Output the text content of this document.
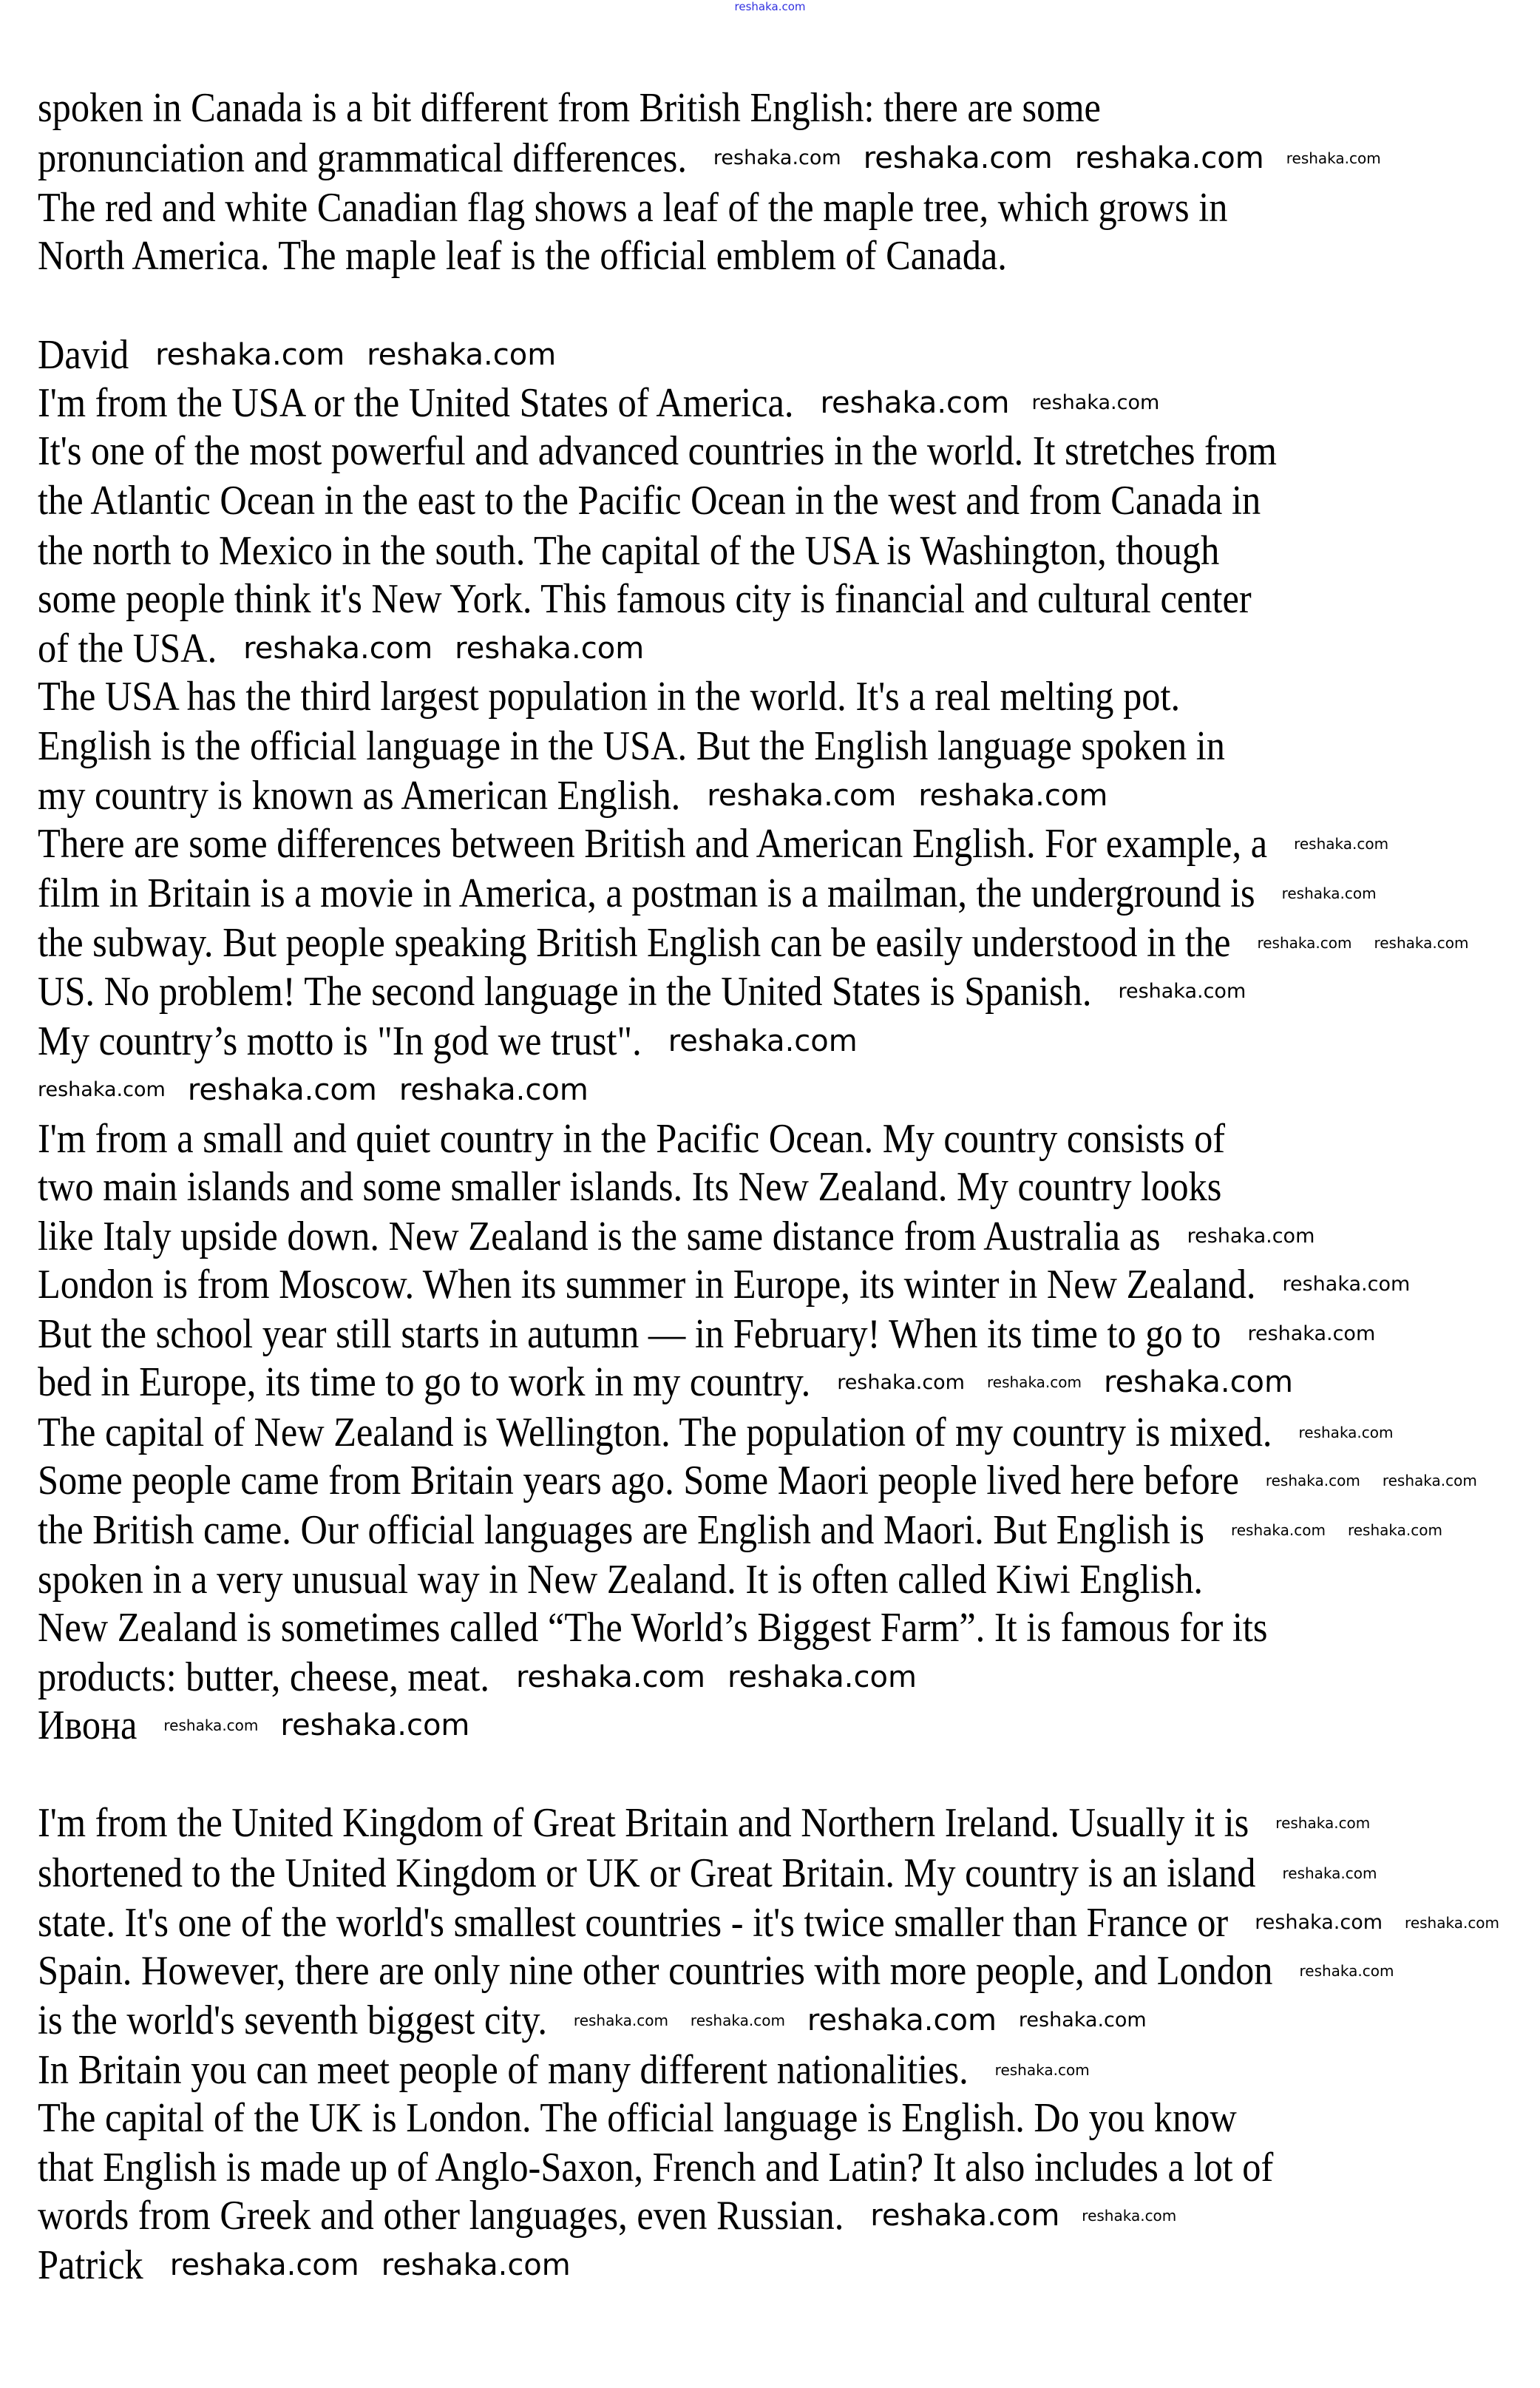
reshaka.com
spoken in Canada is a bit different from British English: there are some
pronunciation and grammatical differences.
The red and white Canadian flag shows a leaf of the maple tree, which grows in
North America. The maple leaf is the official emblem of Canada.
David
I'm from the USA or the United States of America.
It's one of the most powerful and advanced countries in the world. It stretches from
the Atlantic Ocean in the east to the Pacific Ocean in the west and from Canada in
the north to Mexico in the south. The capital of the USA is Washington, though
some people think it's New York. This famous city is financial and cultural center
of the USA.
The USA has the third largest population in the world. It's a real melting pot.
English is the official language in the USA. But the English language spoken in
my country is known as American English.
There are some differences between British and American English. For example, a
film in Britain is a movie in America, a postman is a mailman, the underground is
the subway. But people speaking British English can be easily understood in the
US. No problem! The second language in the United States is Spanish.
My country’s motto is "In god we trust".
I'm from a small and quiet country in the Pacific Ocean. My country consists of
two main islands and some smaller islands. Its New Zealand. My country looks
like Italy upside down. New Zealand is the same distance from Australia as
London is from Moscow. When its summer in Europe, its winter in New Zealand.
But the school year still starts in autumn — in February! When its time to go to
bed in Europe, its time to go to work in my country.
The capital of New Zealand is Wellington. The population of my country is mixed.
Some people came from Britain years ago. Some Maori people lived here before
the British came. Our official languages are English and Maori. But English is
spoken in a very unusual way in New Zealand. It is often called Kiwi English.
New Zealand is sometimes called “The World’s Biggest Farm”. It is famous for its
products: butter, cheese, meat.
Ивона
I'm from the United Kingdom of Great Britain and Northern Ireland. Usually it is
shortened to the United Kingdom or UK or Great Britain. My country is an island
state. It's one of the world's smallest countries - it's twice smaller than France or
Spain. However, there are only nine other countries with more people, and London
is the world's seventh biggest city.
In Britain you can meet people of many different nationalities.
The capital of the UK is London. The official language is English. Do you know
that English is made up of Anglo-Saxon, French and Latin? It also includes a lot of
words from Greek and other languages, even Russian.
Patrick
reshaka.com reshaka.com reshaka.com reshaka.com
reshaka.com reshaka.com
reshaka.com reshaka.com
reshaka.com reshaka.com
reshaka.com reshaka.com
reshaka.com
reshaka.com reshaka.com
reshaka.com
reshaka.com
reshaka.com
reshaka.com reshaka.com reshaka.com
reshaka.com
reshaka.com
reshaka.com
reshaka.com reshaka.com reshaka.com
reshaka.com
reshaka.com reshaka.com
reshaka.com reshaka.com
reshaka.com reshaka.com
reshaka.com reshaka.com
reshaka.com
reshaka.com reshaka.com
reshaka.com
reshaka.com
reshaka.com reshaka.com reshaka.com reshaka.com
reshaka.com
reshaka.com reshaka.com
reshaka.com reshaka.com
